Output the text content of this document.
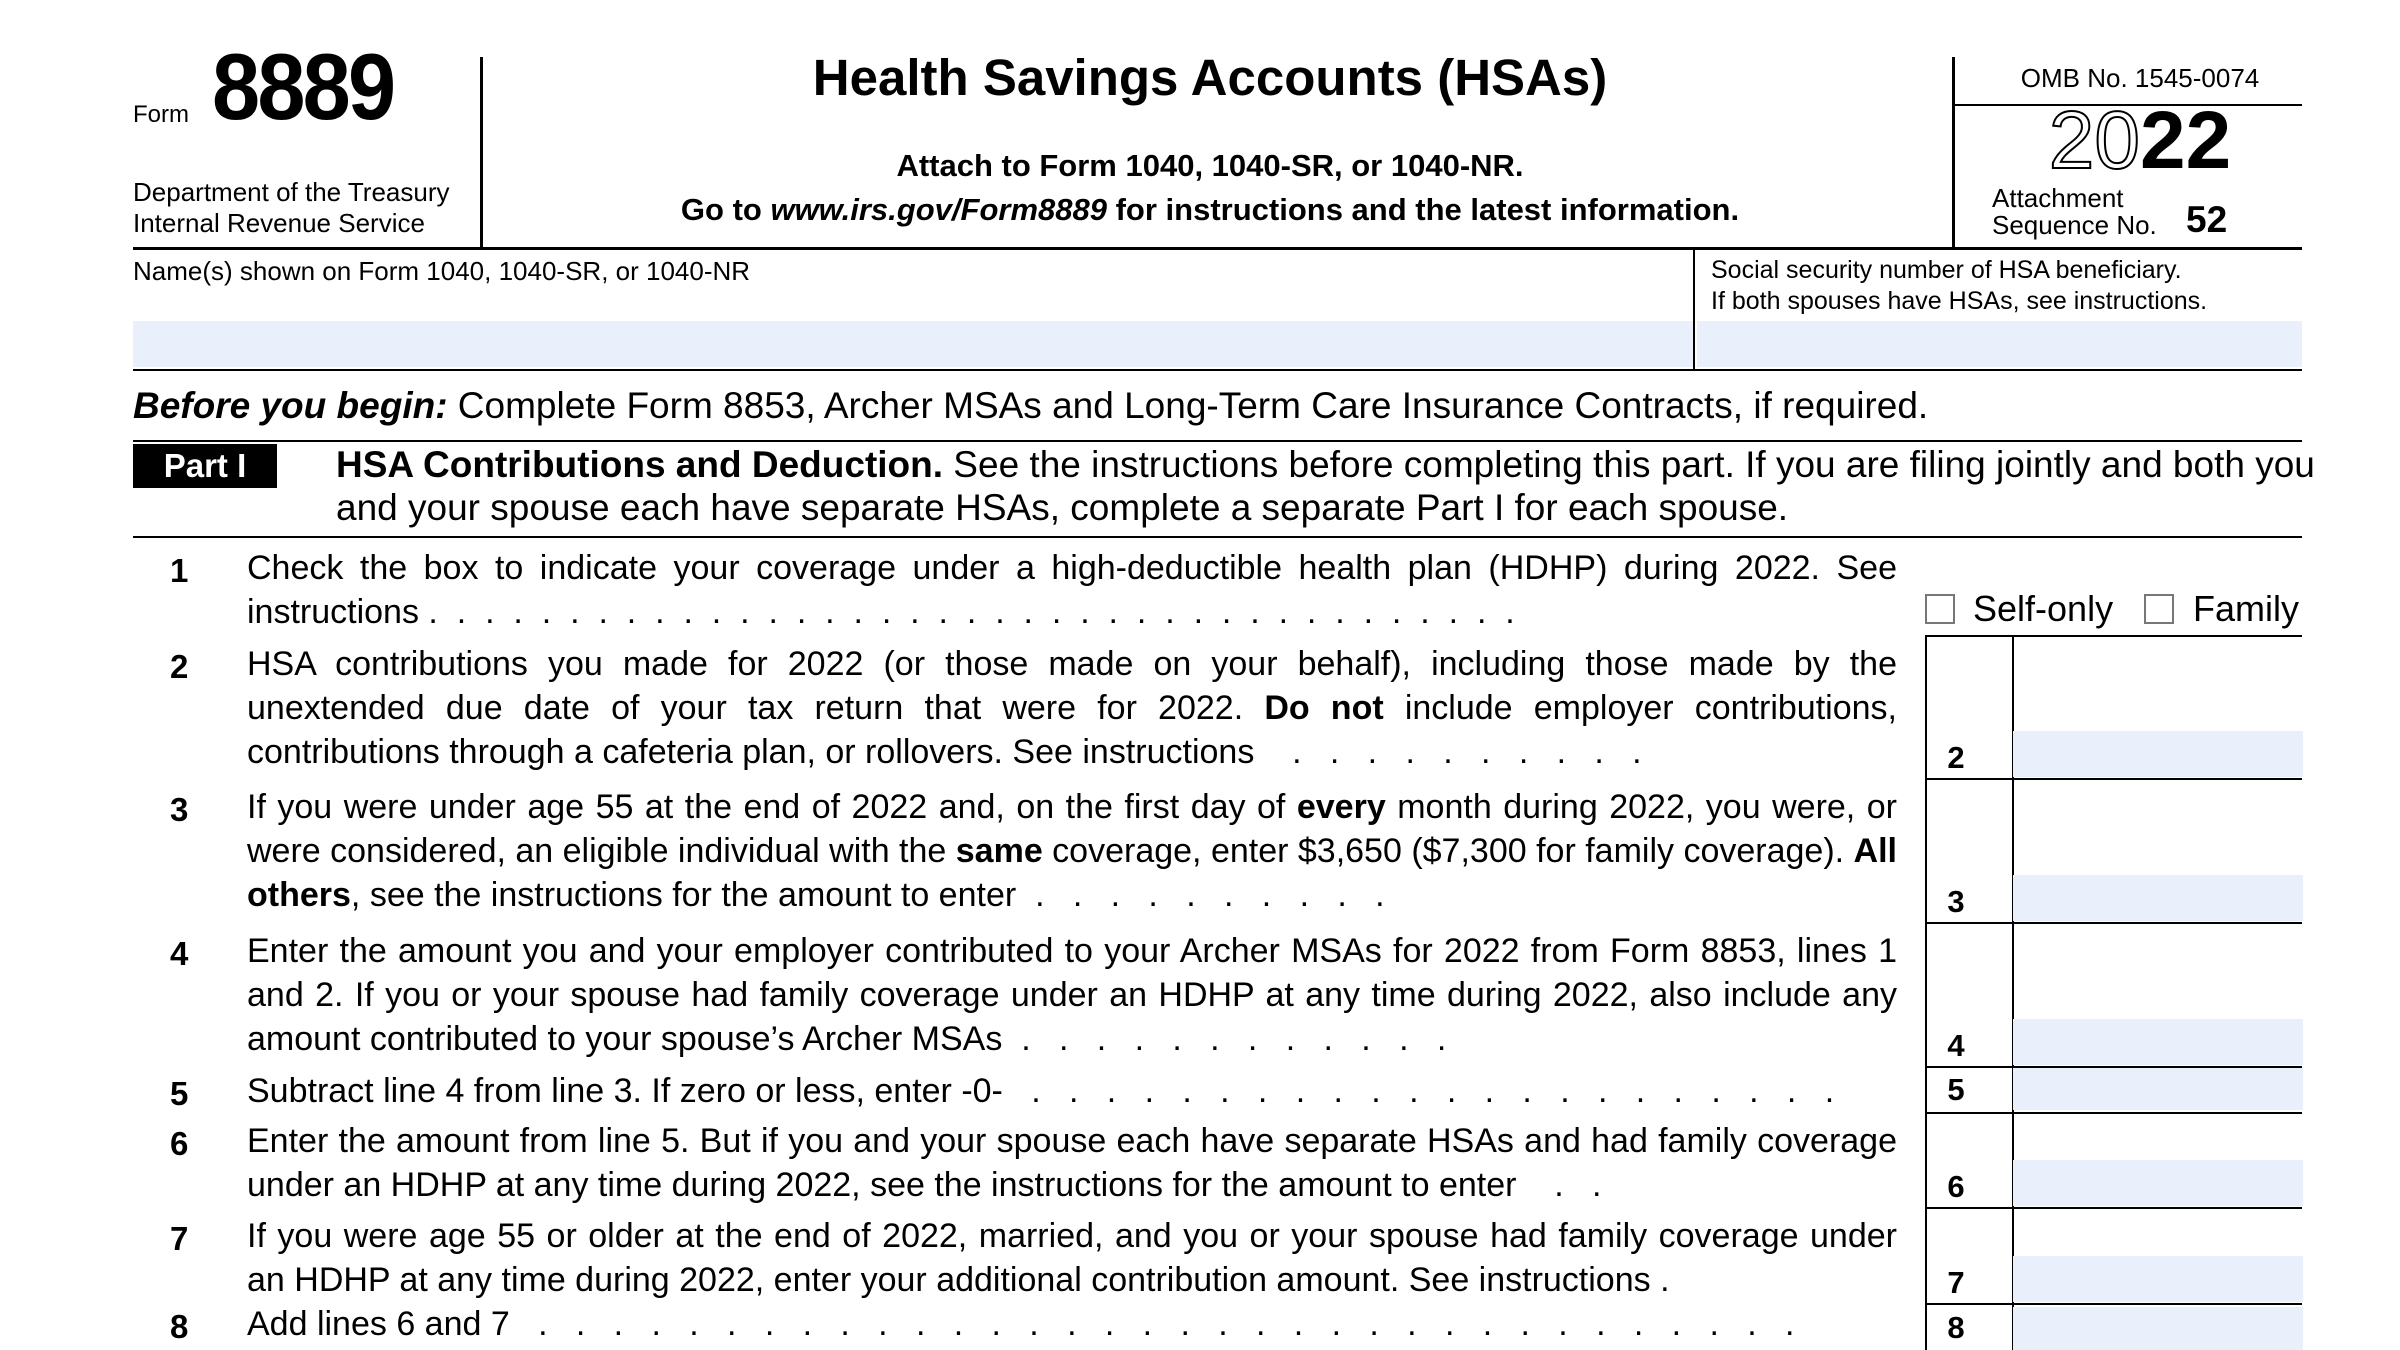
Form 8889
Department of the Treasury
Internal Revenue Service
Health Savings Accounts (HSAs)
Attach to Form 1040, 1040-SR, or 1040-NR.
Go to www.irs.gov/Form8889 for instructions and the latest information.
OMB No. 1545-0074
2022
Attachment
Sequence No. 52
Name(s) shown on Form 1040, 1040-SR, or 1040-NR	Social security number of HSA beneficiary.
If both spouses have HSAs, see instructions.
Before you begin: Complete Form 8853, Archer MSAs and Long-Term Care Insurance Contracts, if required.
Part I	HSA Contributions and Deduction. See the instructions before completing this part. If you are filing jointly and both you and your spouse each have separate HSAs, complete a separate Part I for each spouse.
1 Check the box to indicate your coverage under a high-deductible health plan (HDHP) during 2022. See instructions .  .  .  .  .  .  .  .  .  .  .  .  .  .  .  .  .  .  .  .  .  .  .  .  .  .  .  .  .  .  .  .  .  .  .  .  .  .  .	Self-only Family
2 HSA contributions you made for 2022 (or those made on your behalf), including those made by the unextended due date of your tax return that were for 2022. Do not include employer contributions, contributions through a cafeteria plan, or rollovers. See instructions    .   .   .   .   .   .   .   .   .   .	2
3 If you were under age 55 at the end of 2022 and, on the first day of every month during 2022, you were, or were considered, an eligible individual with the same coverage, enter $3,650 ($7,300 for family coverage). All others, see the instructions for the amount to enter  .   .   .   .   .   .   .   .   .   .	3
4 Enter the amount you and your employer contributed to your Archer MSAs for 2022 from Form 8853, lines 1 and 2. If you or your spouse had family coverage under an HDHP at any time during 2022, also include any amount contributed to your spouse’s Archer MSAs  .   .   .   .   .   .   .   .   .   .   .   .	4
5 Subtract line 4 from line 3. If zero or less, enter -0-   .   .   .   .   .   .   .   .   .   .   .   .   .   .   .   .   .   .   .   .   .   .	5
6 Enter the amount from line 5. But if you and your spouse each have separate HSAs and had family coverage under an HDHP at any time during 2022, see the instructions for the amount to enter    .   .	6
7 If you were age 55 or older at the end of 2022, married, and you or your spouse had family coverage under an HDHP at any time during 2022, enter your additional contribution amount. See instructions .	7
8 Add lines 6 and 7   .   .   .   .   .   .   .   .   .   .   .   .   .   .   .   .   .   .   .   .   .   .   .   .   .   .   .   .   .   .   .   .   .   .	8
